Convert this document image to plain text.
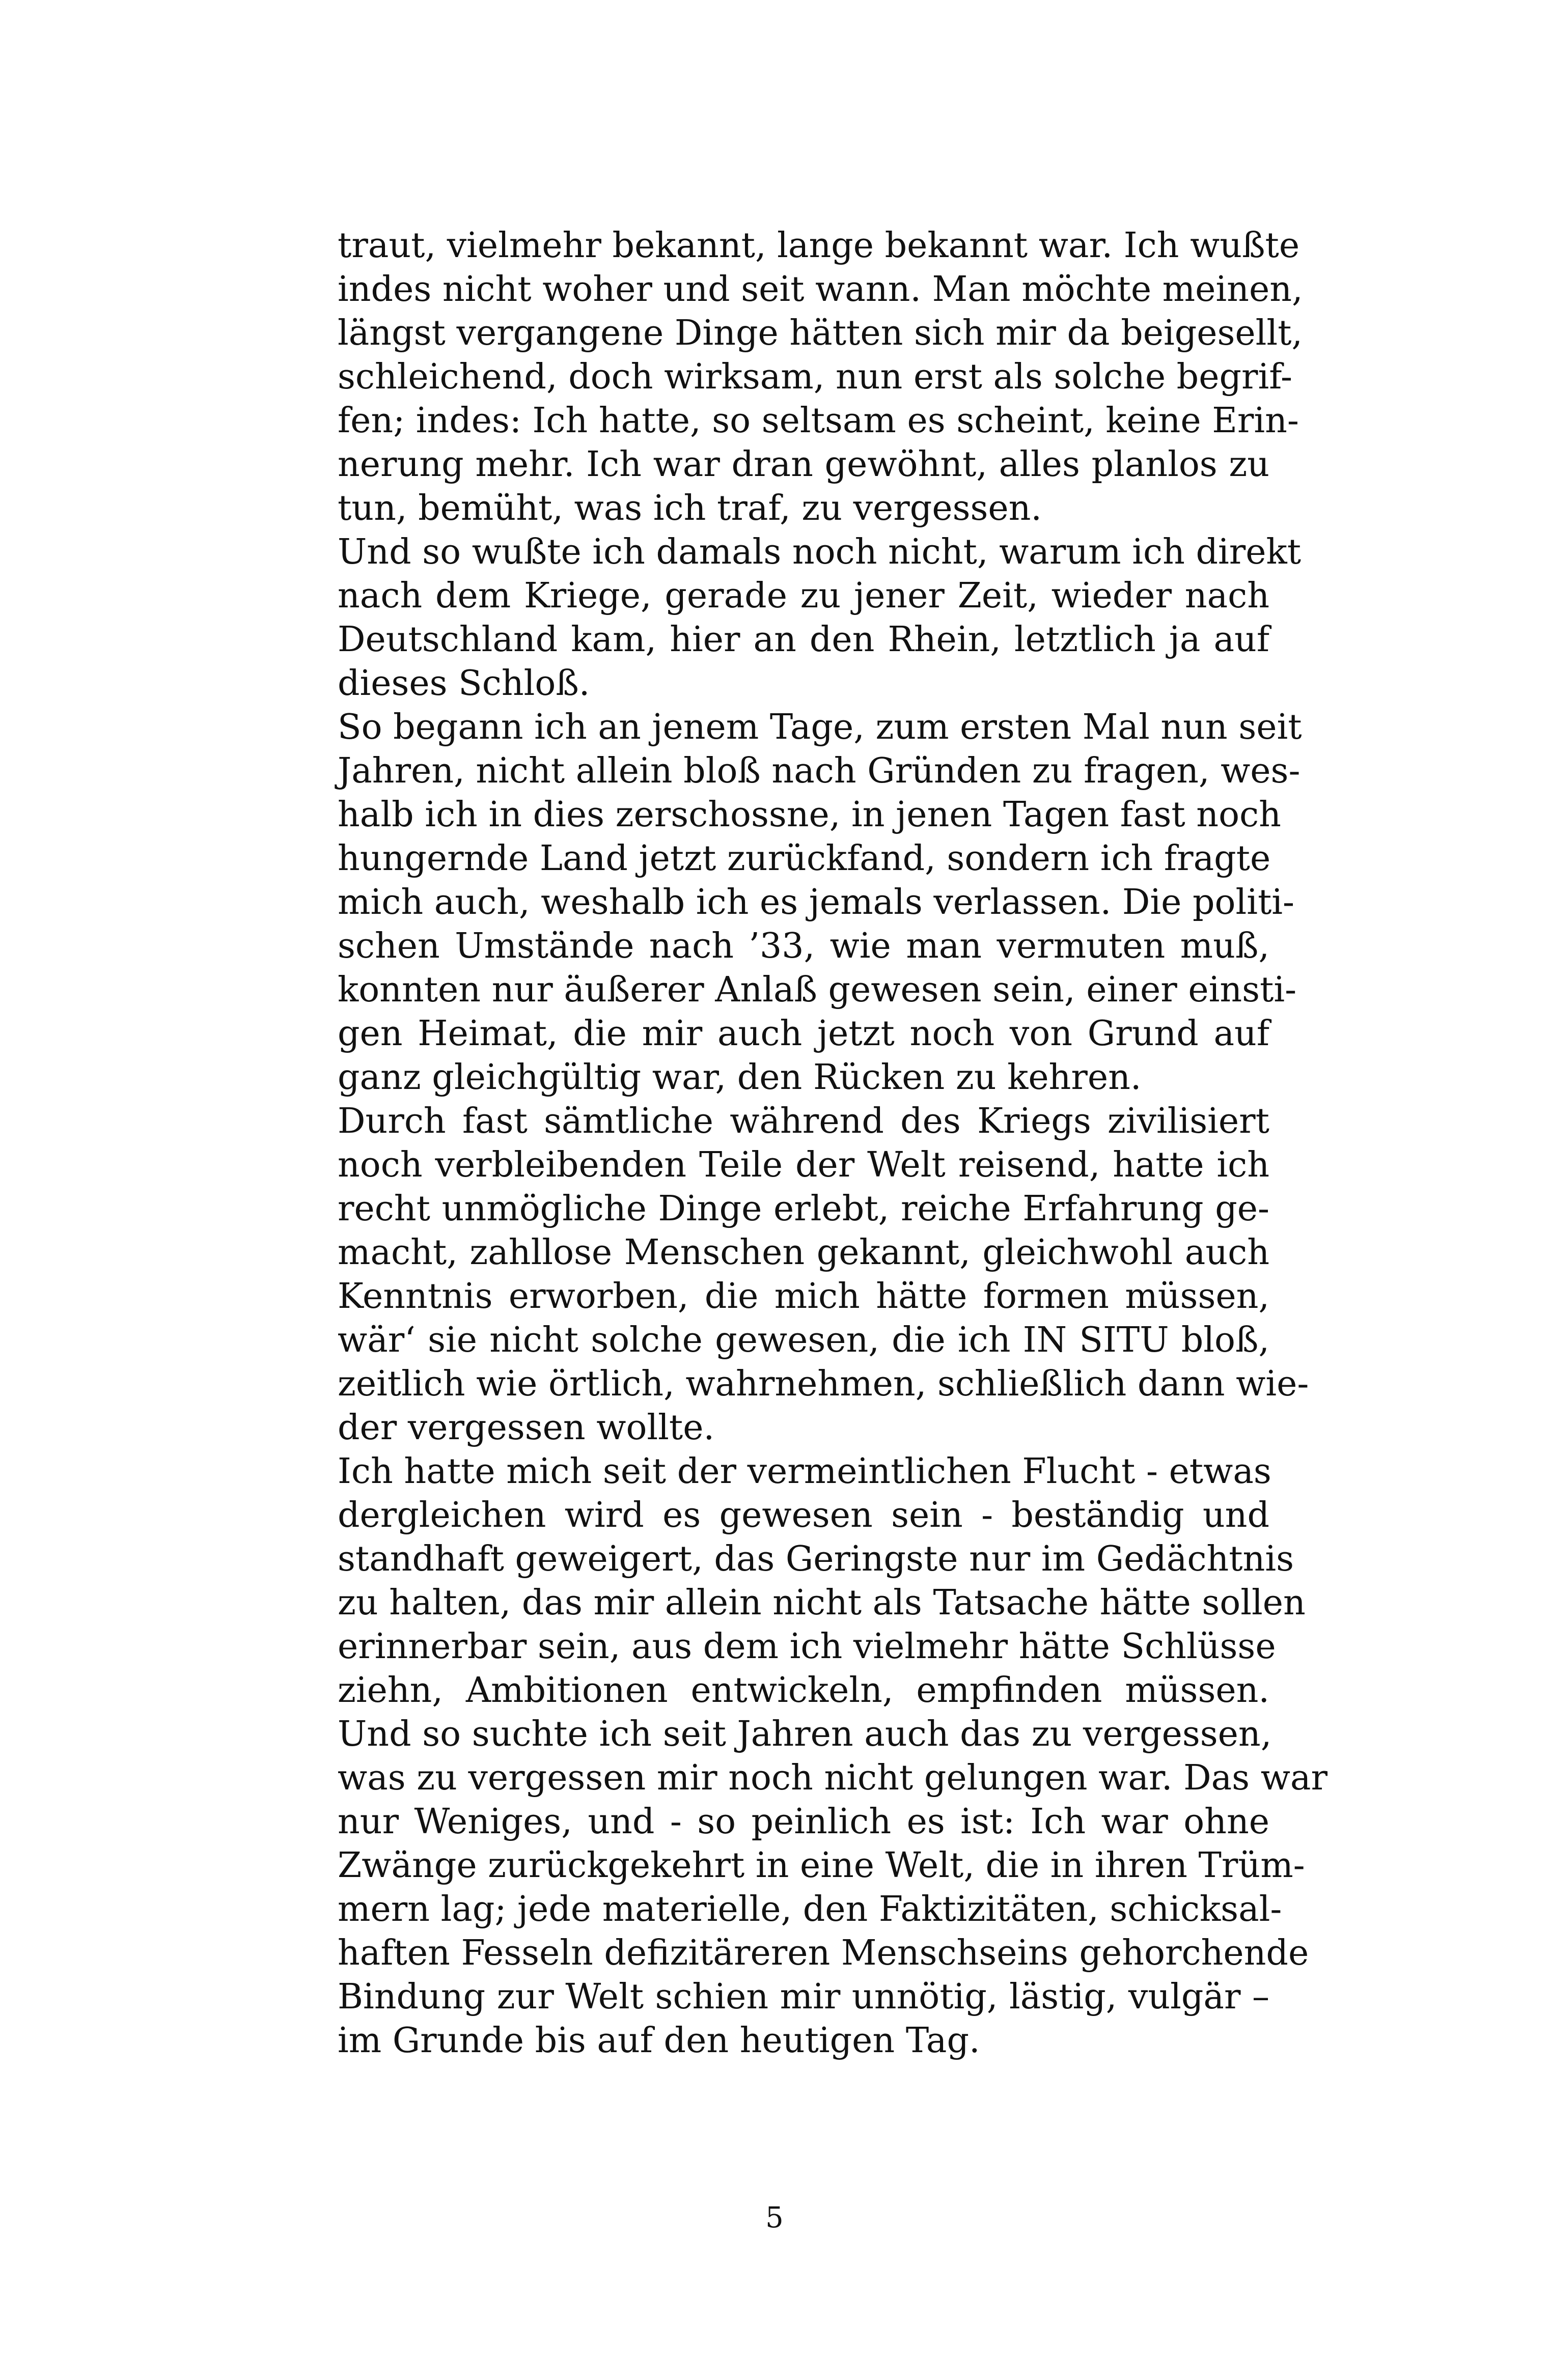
traut, vielmehr bekannt, lange bekannt war. Ich wußte
indes nicht woher und seit wann. Man möchte meinen,
längst vergangene Dinge hätten sich mir da beigesellt,
schleichend, doch wirksam, nun erst als solche begrif-
fen; indes: Ich hatte, so seltsam es scheint, keine Erin-
nerung mehr. Ich war dran gewöhnt, alles planlos zu
tun, bemüht, was ich traf, zu vergessen.
Und so wußte ich damals noch nicht, warum ich direkt
nach dem Kriege, gerade zu jener Zeit, wieder nach
Deutschland kam, hier an den Rhein, letztlich ja auf
dieses Schloß.
So begann ich an jenem Tage, zum ersten Mal nun seit
Jahren, nicht allein bloß nach Gründen zu fragen, wes-
halb ich in dies zerschossne, in jenen Tagen fast noch
hungernde Land jetzt zurückfand, sondern ich fragte
mich auch, weshalb ich es jemals verlassen. Die politi-
schen Umstände nach ’33, wie man vermuten muß,
konnten nur äußerer Anlaß gewesen sein, einer einsti-
gen Heimat, die mir auch jetzt noch von Grund auf
ganz gleichgültig war, den Rücken zu kehren.
Durch fast sämtliche während des Kriegs zivilisiert
noch verbleibenden Teile der Welt reisend, hatte ich
recht unmögliche Dinge erlebt, reiche Erfahrung ge-
macht, zahllose Menschen gekannt, gleichwohl auch
Kenntnis erworben, die mich hätte formen müssen,
wär‘ sie nicht solche gewesen, die ich IN SITU bloß,
zeitlich wie örtlich, wahrnehmen, schließlich dann wie-
der vergessen wollte.
Ich hatte mich seit der vermeintlichen Flucht - etwas
dergleichen wird es gewesen sein - beständig und
standhaft geweigert, das Geringste nur im Gedächtnis
zu halten, das mir allein nicht als Tatsache hätte sollen
erinnerbar sein, aus dem ich vielmehr hätte Schlüsse
ziehn, Ambitionen entwickeln, empfinden müssen.
Und so suchte ich seit Jahren auch das zu vergessen,
was zu vergessen mir noch nicht gelungen war. Das war
nur Weniges, und - so peinlich es ist: Ich war ohne
Zwänge zurückgekehrt in eine Welt, die in ihren Trüm-
mern lag; jede materielle, den Faktizitäten, schicksal-
haften Fesseln defizitäreren Menschseins gehorchende
Bindung zur Welt schien mir unnötig, lästig, vulgär –
im Grunde bis auf den heutigen Tag.
5
